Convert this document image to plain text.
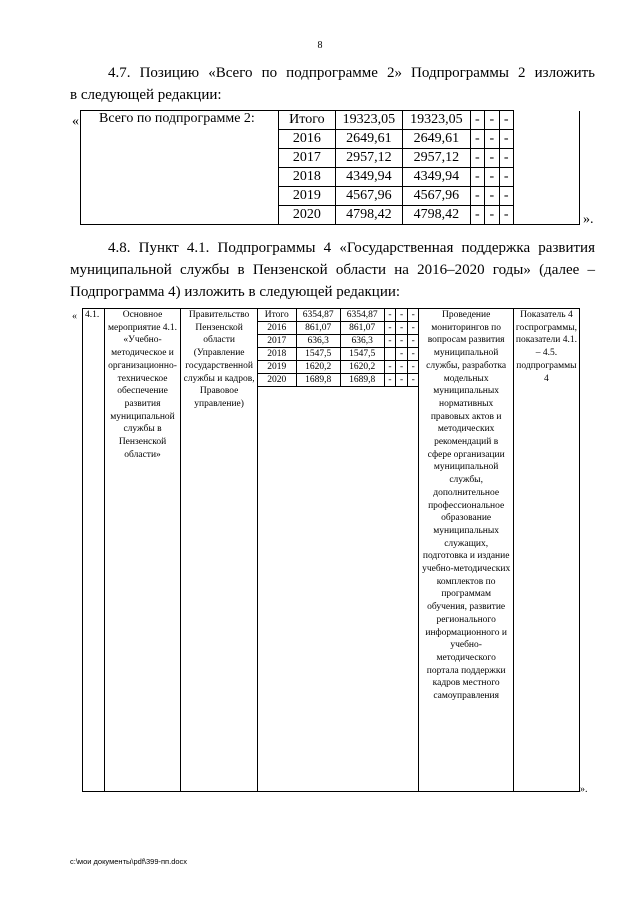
8
4.7. Позицию «Всего по подпрограмме 2» Подпрограммы 2 изложить
в следующей редакции:
« Всего по подпрограмме 2:	Итого	19323,05	19323,05	-	-	-	
	2016	2649,61	2649,61	-	-	-	
	2017	2957,12	2957,12	-	-	-	
	2018	4349,94	4349,94	-	-	-	
	2019	4567,96	4567,96	-	-	-	
	2020	4798,42	4798,42	-	-	-		».
4.8. Пункт 4.1. Подпрограммы 4 «Государственная поддержка развития
муниципальной службы в Пензенской области на 2016–2020 годы» (далее –
Подпрограмма 4) изложить в следующей редакции:
« 4.1.	Основное мероприятие 4.1. «Учебно-методическое и организационно-техническое обеспечение развития муниципальной службы в Пензенской области»	Правительство Пензенской области (Управление государственной службы и кадров, Правовое управление)	Итого	6354,87	6354,87	-	-	-	Проведение мониторингов по вопросам развития муниципальной службы, разработка модельных муниципальных нормативных правовых актов и методических рекомендаций в сфере организации муниципальной службы, дополнительное профессиональное образование муниципальных служащих, подготовка и издание учебно-методических комплектов по программам обучения, развитие регионального информационного и учебно-методического портала поддержки кадров местного самоуправления	Показатель 4 госпрограммы, показатели 4.1. – 4.5. подпрограммы 4
			2016	861,07	861,07	-	-	-		
			2017	636,3	636,3	-	-	-		
			2018	1547,5	1547,5		-	-		
			2019	1620,2	1620,2	-	-	-		
			2020	1689,8	1689,8	-	-	-		

».
c:\мои документы\pdf\399-пп.docx
